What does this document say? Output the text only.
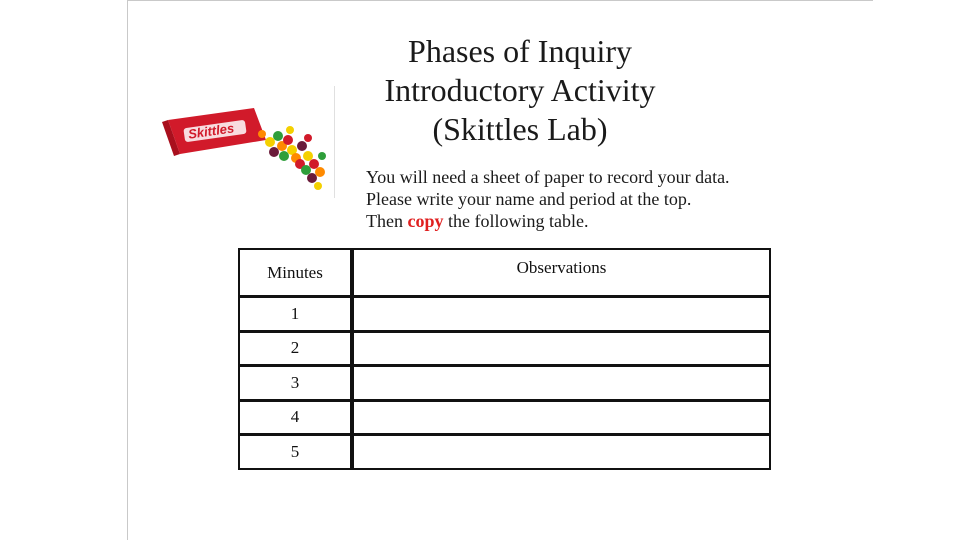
Phases of Inquiry
Introductory Activity
(Skittles Lab)
Skittles
You will need a sheet of paper to record your data.
Please write your name and period at the top.
Then copy the following table.
Minutes	Observations
1	
2	
3	
4	
5	
